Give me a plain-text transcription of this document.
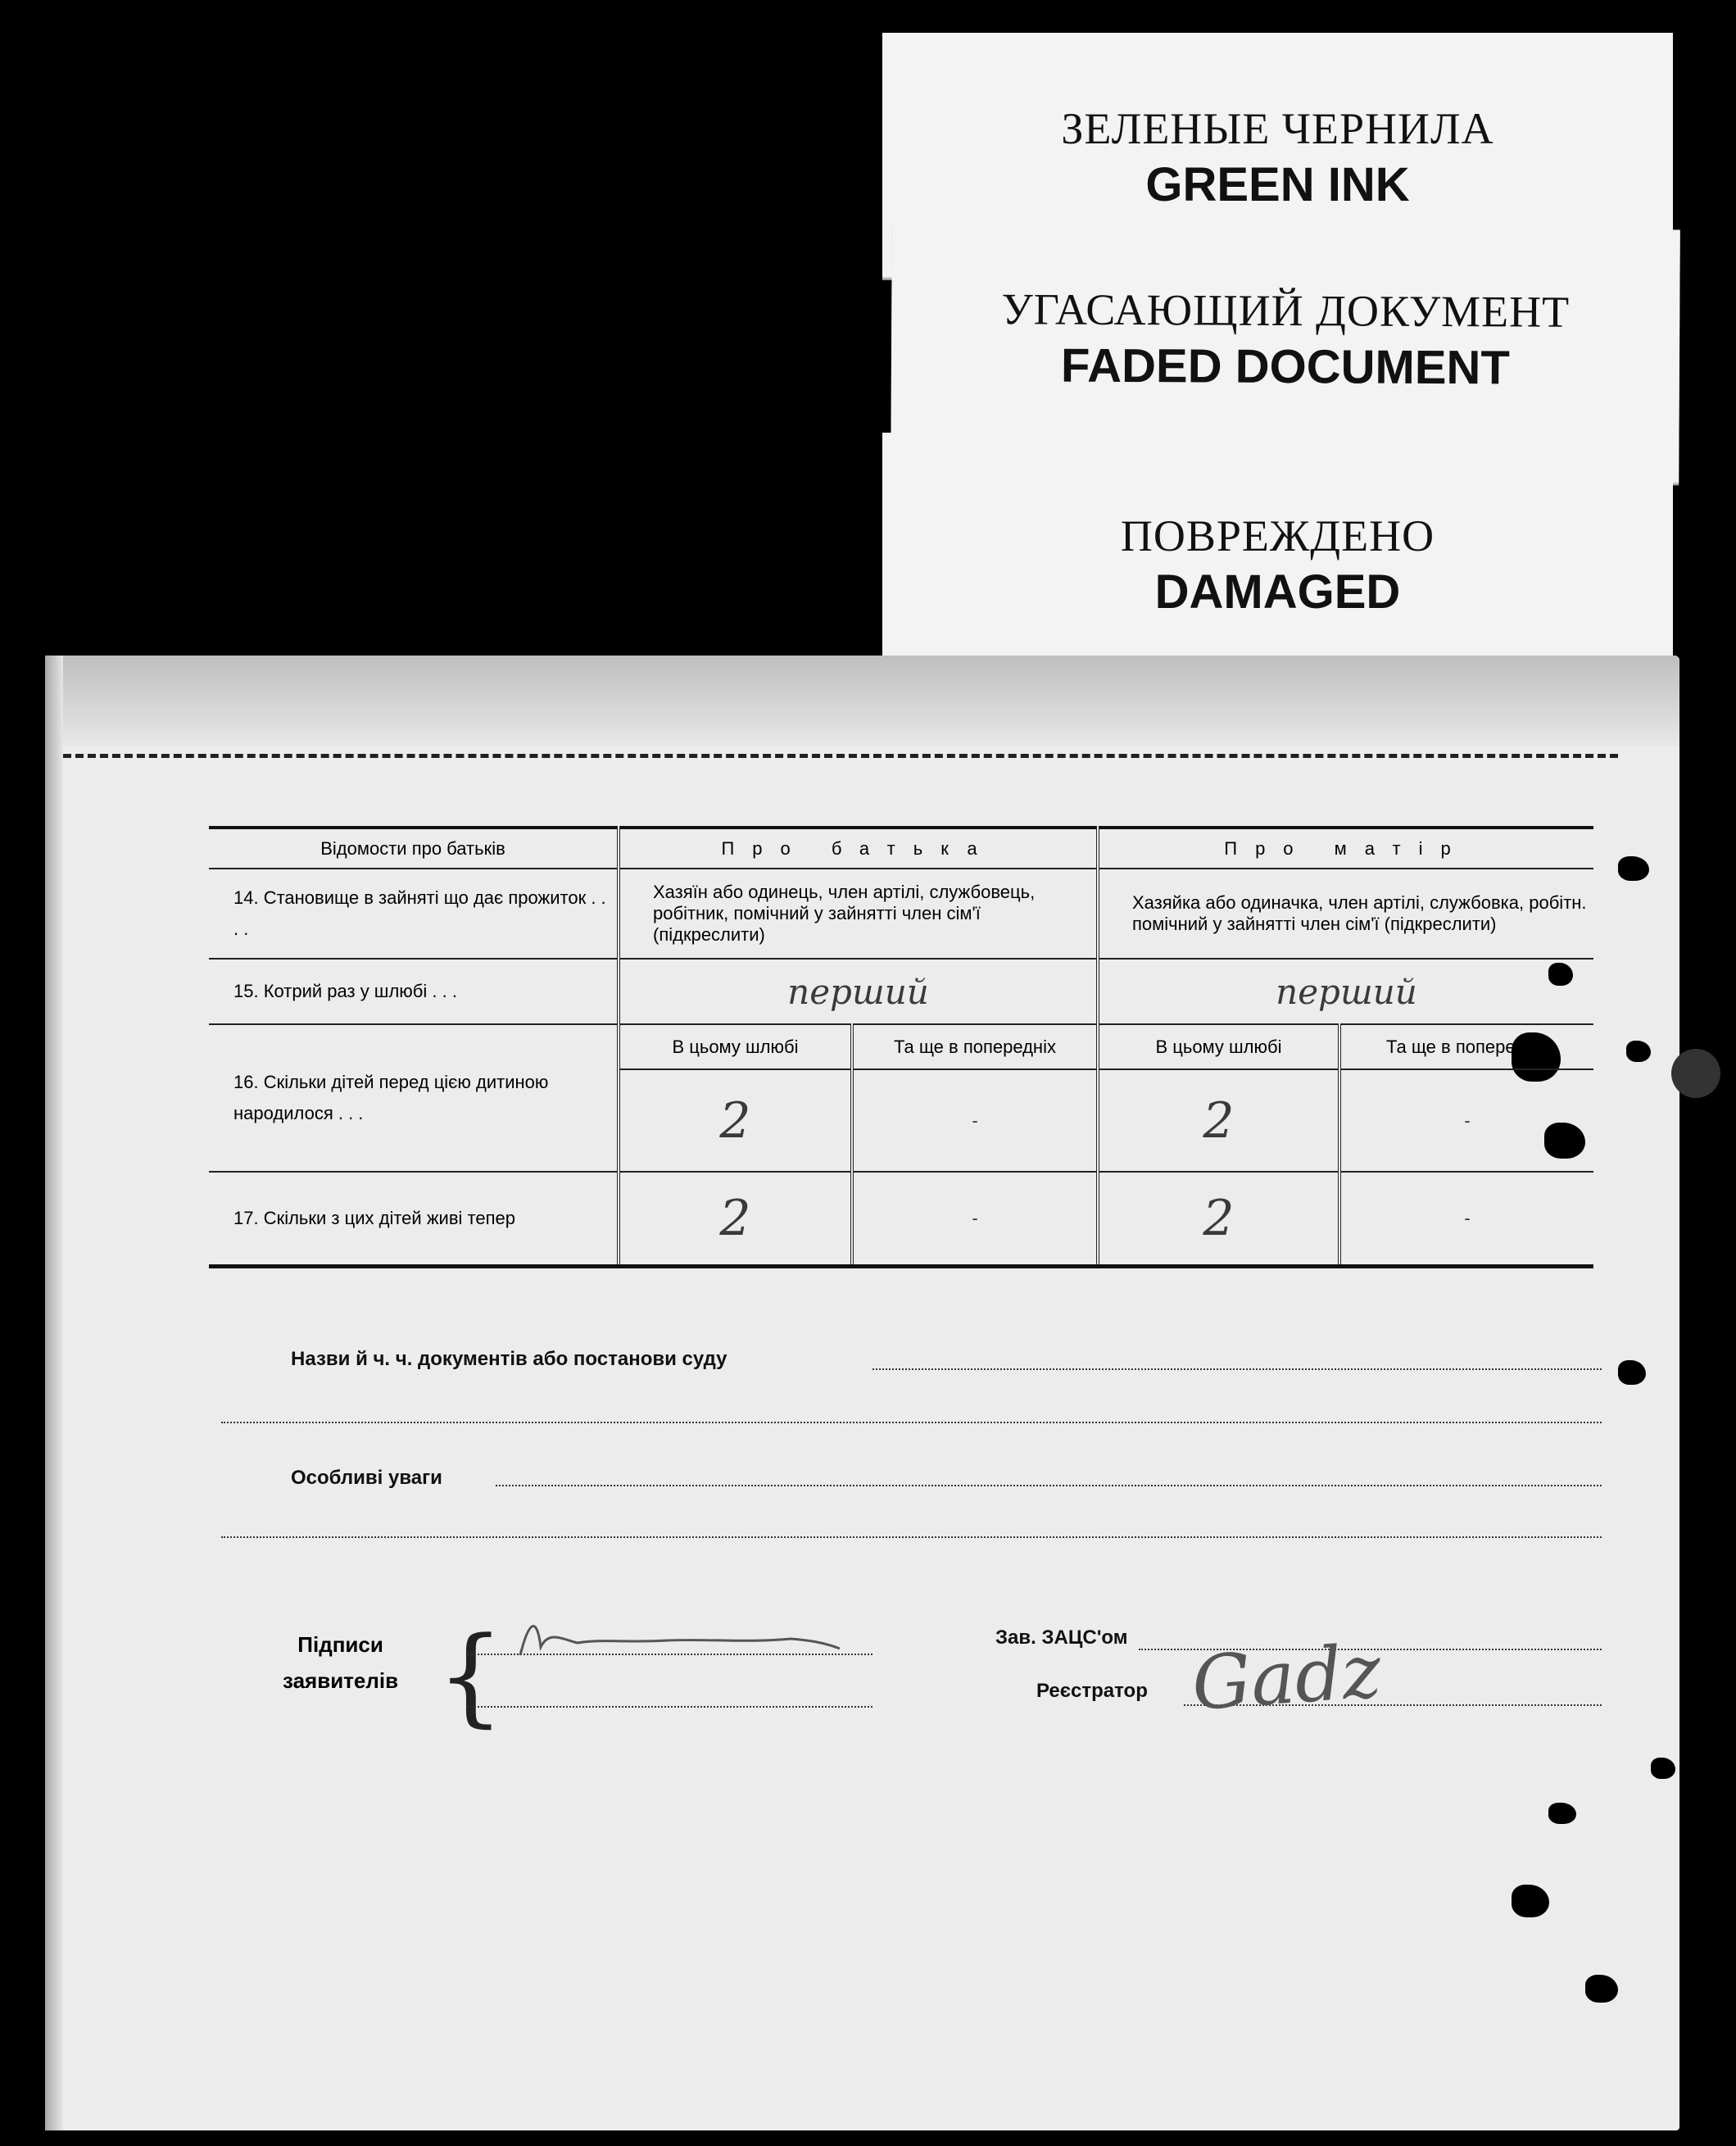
ЗЕЛЕНЫЕ ЧЕРНИЛА
GREEN INK
УГАСАЮЩИЙ ДОКУМЕНТ
FADED DOCUMENT
ПОВРЕЖДЕНО
DAMAGED
Відомости про батьків	Про батька		Про матір	
14. Становище в зайняті що дає прожиток . . . .	Хазяїн або одинець, член артілі, службовець, робітник, помічний у зайнятті член сім'ї (підкреслити)		Хазяйка або одиначка, член артілі, службовка, робітн. помічний у зайнятті член сім'ї (підкреслити)	
15. Котрий раз у шлюбі . . .	перший		перший	
16. Скільки дітей перед цією дитиною народилося . . .	В цьому шлюбі	Та ще в попередніх	В цьому шлюбі	Та ще в попередніх
	2	-	2	-
17. Скільки з цих дітей живі тепер	2	-	2	-
Назви й ч. ч. документів або постанови суду
Особливі уваги
Підписи
заявителів {	Зав. ЗАЦС'ом
Реєстратор Gadz
